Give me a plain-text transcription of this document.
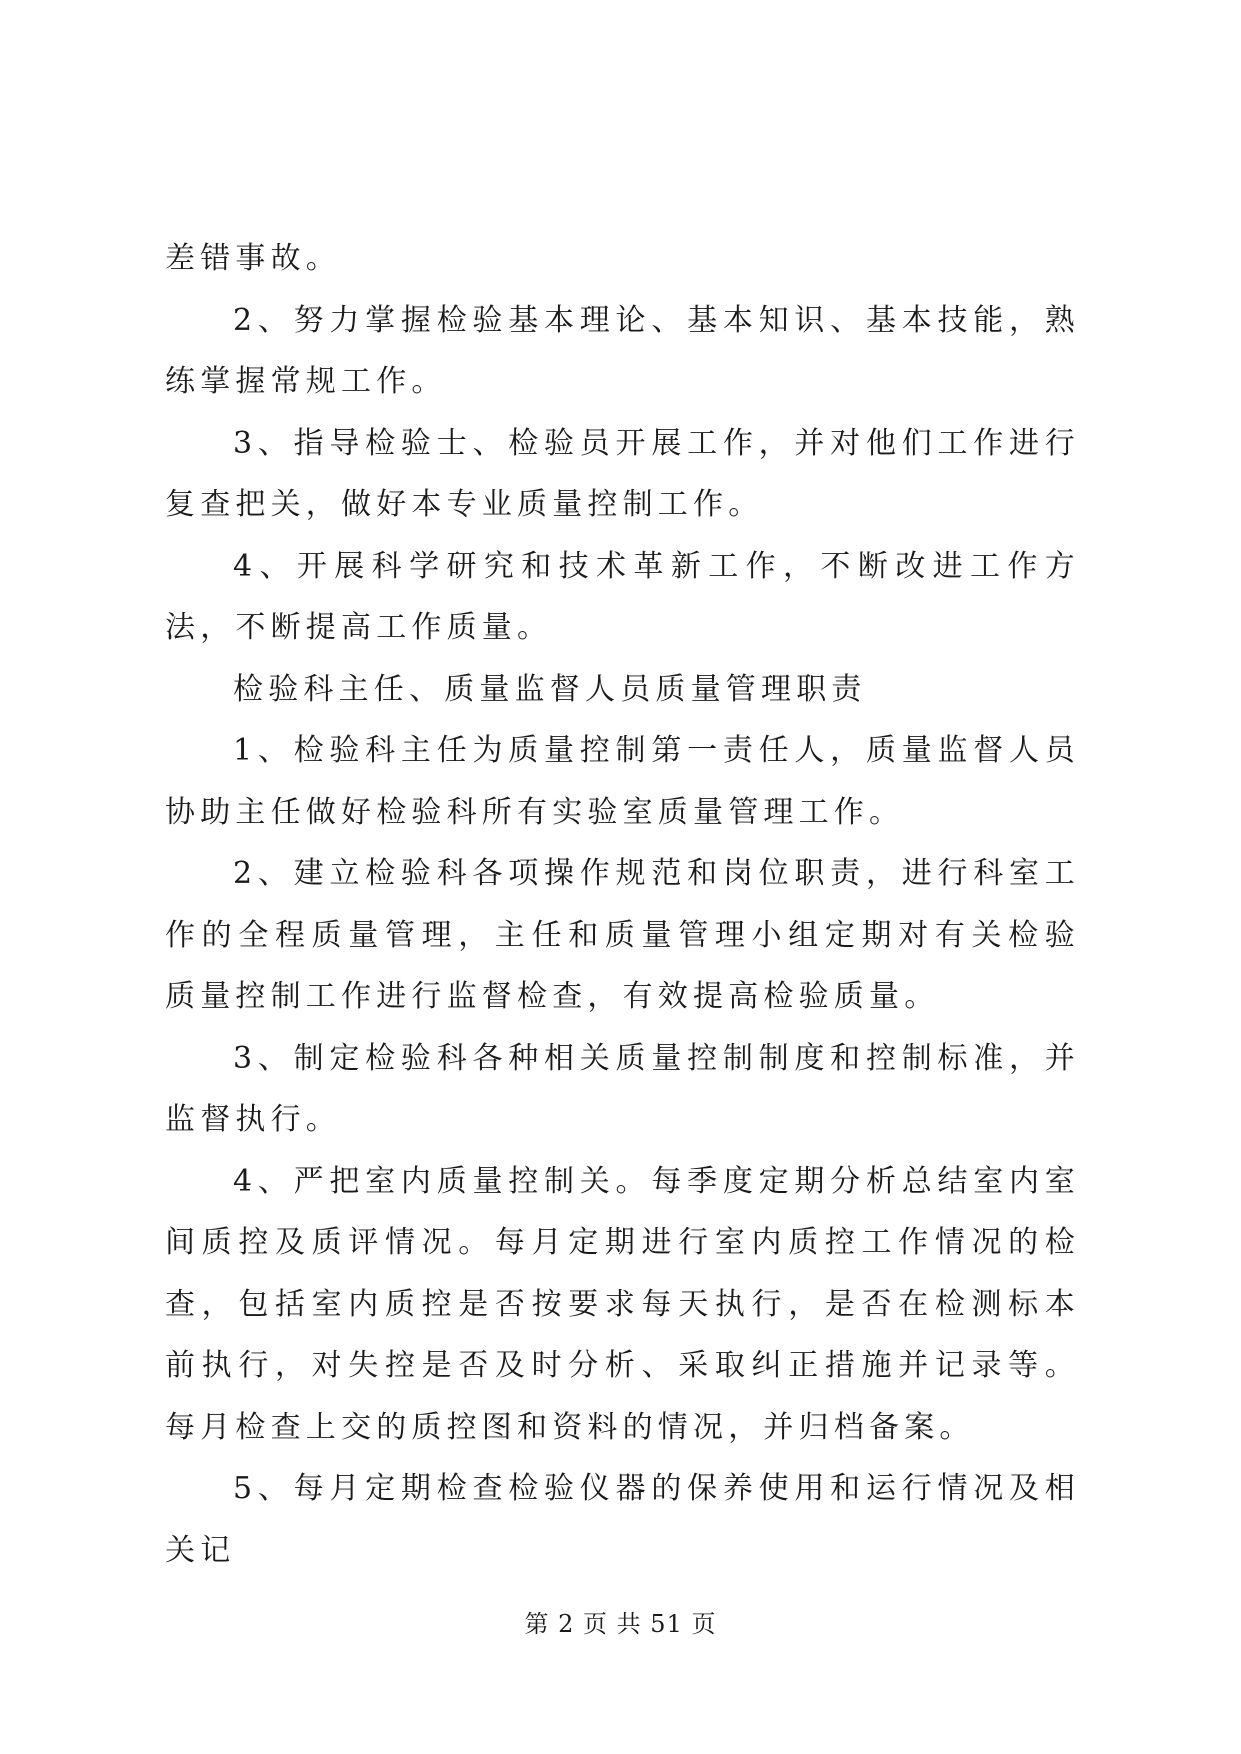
差错事故。

2、努力掌握检验基本理论、基本知识、基本技能，熟练掌握常规工作。

3、指导检验士、检验员开展工作，并对他们工作进行复查把关，做好本专业质量控制工作。

4、开展科学研究和技术革新工作，不断改进工作方法，不断提高工作质量。

检验科主任、质量监督人员质量管理职责

1、检验科主任为质量控制第一责任人，质量监督人员协助主任做好检验科所有实验室质量管理工作。

2、建立检验科各项操作规范和岗位职责，进行科室工作的全程质量管理，主任和质量管理小组定期对有关检验质量控制工作进行监督检查，有效提高检验质量。

3、制定检验科各种相关质量控制制度和控制标准，并监督执行。

4、严把室内质量控制关。每季度定期分析总结室内室间质控及质评情况。每月定期进行室内质控工作情况的检查，包括室内质控是否按要求每天执行，是否在检测标本前执行，对失控是否及时分析、采取纠正措施并记录等。每月检查上交的质控图和资料的情况，并归档备案。

5、每月定期检查检验仪器的保养使用和运行情况及相关记

第 2 页 共 51 页
